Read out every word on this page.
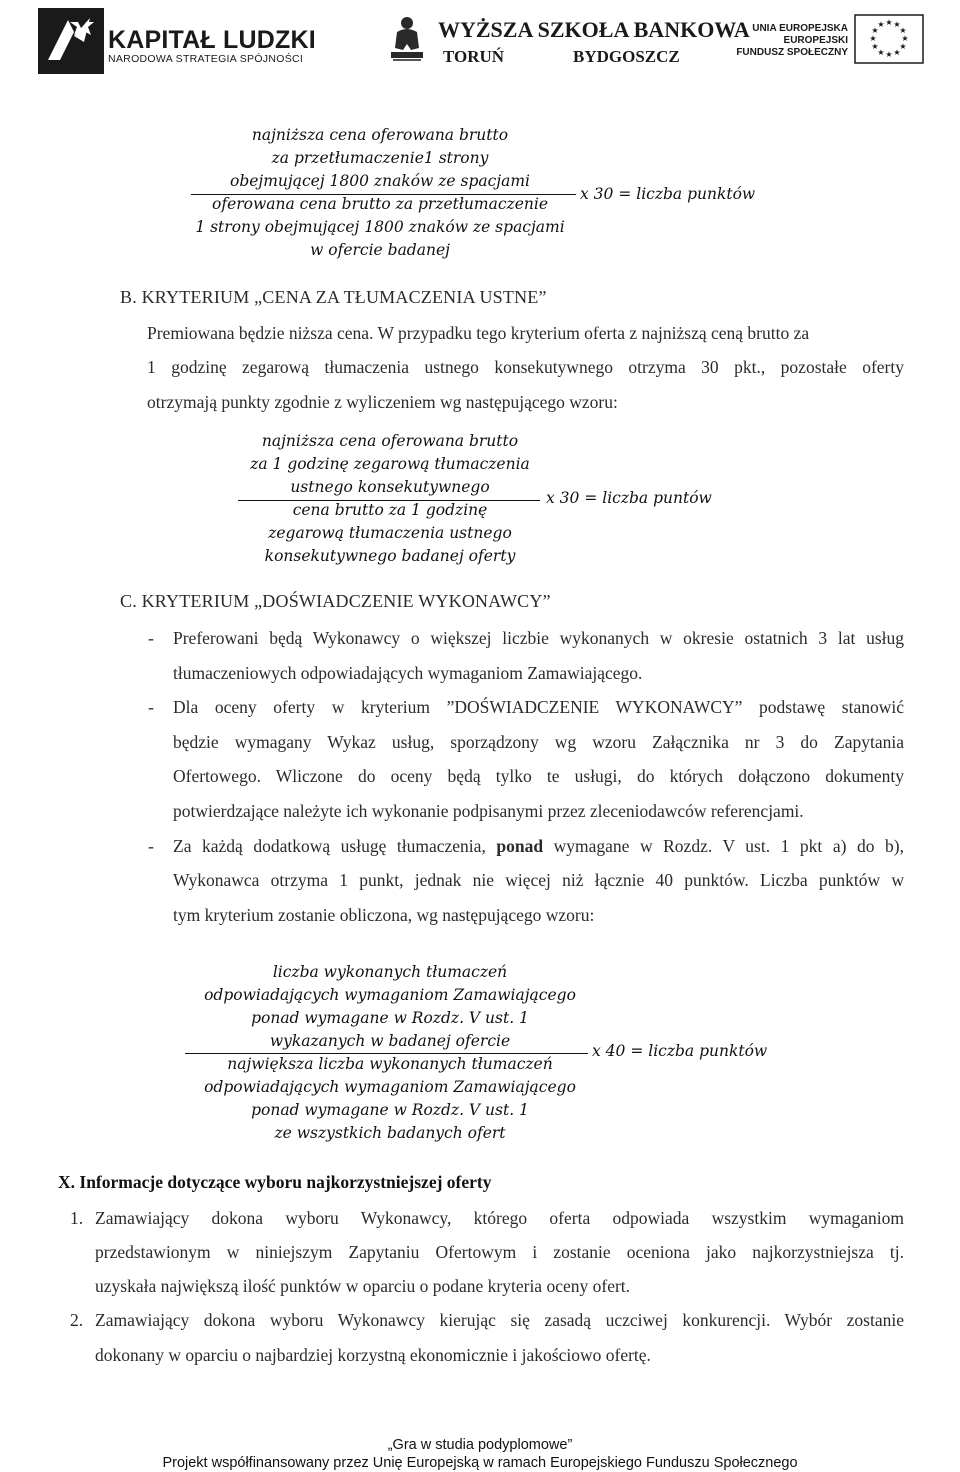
KAPITAŁ LUDZKI
NARODOWA STRATEGIA SPÓJNOŚCI
WYŻSZA SZKOŁA BANKOWA
TORUŃ	BYDGOSZCZ
UNIA EUROPEJSKA
EUROPEJSKI
FUNDUSZ SPOŁECZNY
★ ★
★
★
★
★
★
★
★
★
★
★
najniższa cena oferowana brutto
za przetłumaczenie1 strony
obejmującej 1800 znaków ze spacjami
oferowana cena brutto za przetłumaczenie
1 strony obejmującej 1800 znaków ze spacjami
w ofercie badanej
x 30 = liczba punktów
B. KRYTERIUM „CENA ZA TŁUMACZENIA USTNE”
Premiowana będzie niższa cena. W przypadku tego kryterium oferta z najniższą ceną brutto za
1 godzinę zegarową tłumaczenia ustnego konsekutywnego otrzyma 30 pkt., pozostałe oferty
otrzymają punkty zgodnie z wyliczeniem wg następującego wzoru:
najniższa cena oferowana brutto
za 1 godzinę zegarową tłumaczenia
ustnego konsekutywnego
cena brutto za 1 godzinę
zegarową tłumaczenia ustnego
konsekutywnego badanej oferty
x 30 = liczba puntów
C. KRYTERIUM „DOŚWIADCZENIE WYKONAWCY”
- Preferowani będą Wykonawcy o większej liczbie wykonanych w okresie ostatnich 3 lat usług
tłumaczeniowych odpowiadających wymaganiom Zamawiającego.
- Dla oceny oferty w kryterium ”DOŚWIADCZENIE WYKONAWCY” podstawę stanowić
będzie wymagany Wykaz usług, sporządzony wg wzoru Załącznika nr 3 do Zapytania
Ofertowego. Wliczone do oceny będą tylko te usługi, do których dołączono dokumenty
potwierdzające należyte ich wykonanie podpisanymi przez zleceniodawców referencjami.
- Za każdą dodatkową usługę tłumaczenia, ponad wymagane w Rozdz. V ust. 1 pkt a) do b),
Wykonawca otrzyma 1 punkt, jednak nie więcej niż łącznie 40 punktów. Liczba punktów w
tym kryterium zostanie obliczona, wg następującego wzoru:
liczba wykonanych tłumaczeń
odpowiadających wymaganiom Zamawiającego
ponad wymagane w Rozdz. V ust. 1
wykazanych w badanej ofercie
największa liczba wykonanych tłumaczeń
odpowiadających wymaganiom Zamawiającego
ponad wymagane w Rozdz. V ust. 1
ze wszystkich badanych ofert
x 40 = liczba punktów
X. Informacje dotyczące wyboru najkorzystniejszej oferty
1. Zamawiający dokona wyboru Wykonawcy, którego oferta odpowiada wszystkim wymaganiom
przedstawionym w niniejszym Zapytaniu Ofertowym i zostanie oceniona jako najkorzystniejsza tj.
uzyskała największą ilość punktów w oparciu o podane kryteria oceny ofert.
2. Zamawiający dokona wyboru Wykonawcy kierując się zasadą uczciwej konkurencji. Wybór zostanie
dokonany w oparciu o najbardziej korzystną ekonomicznie i jakościowo ofertę.
„Gra w studia podyplomowe”
Projekt współfinansowany przez Unię Europejską w ramach Europejskiego Funduszu Społecznego
